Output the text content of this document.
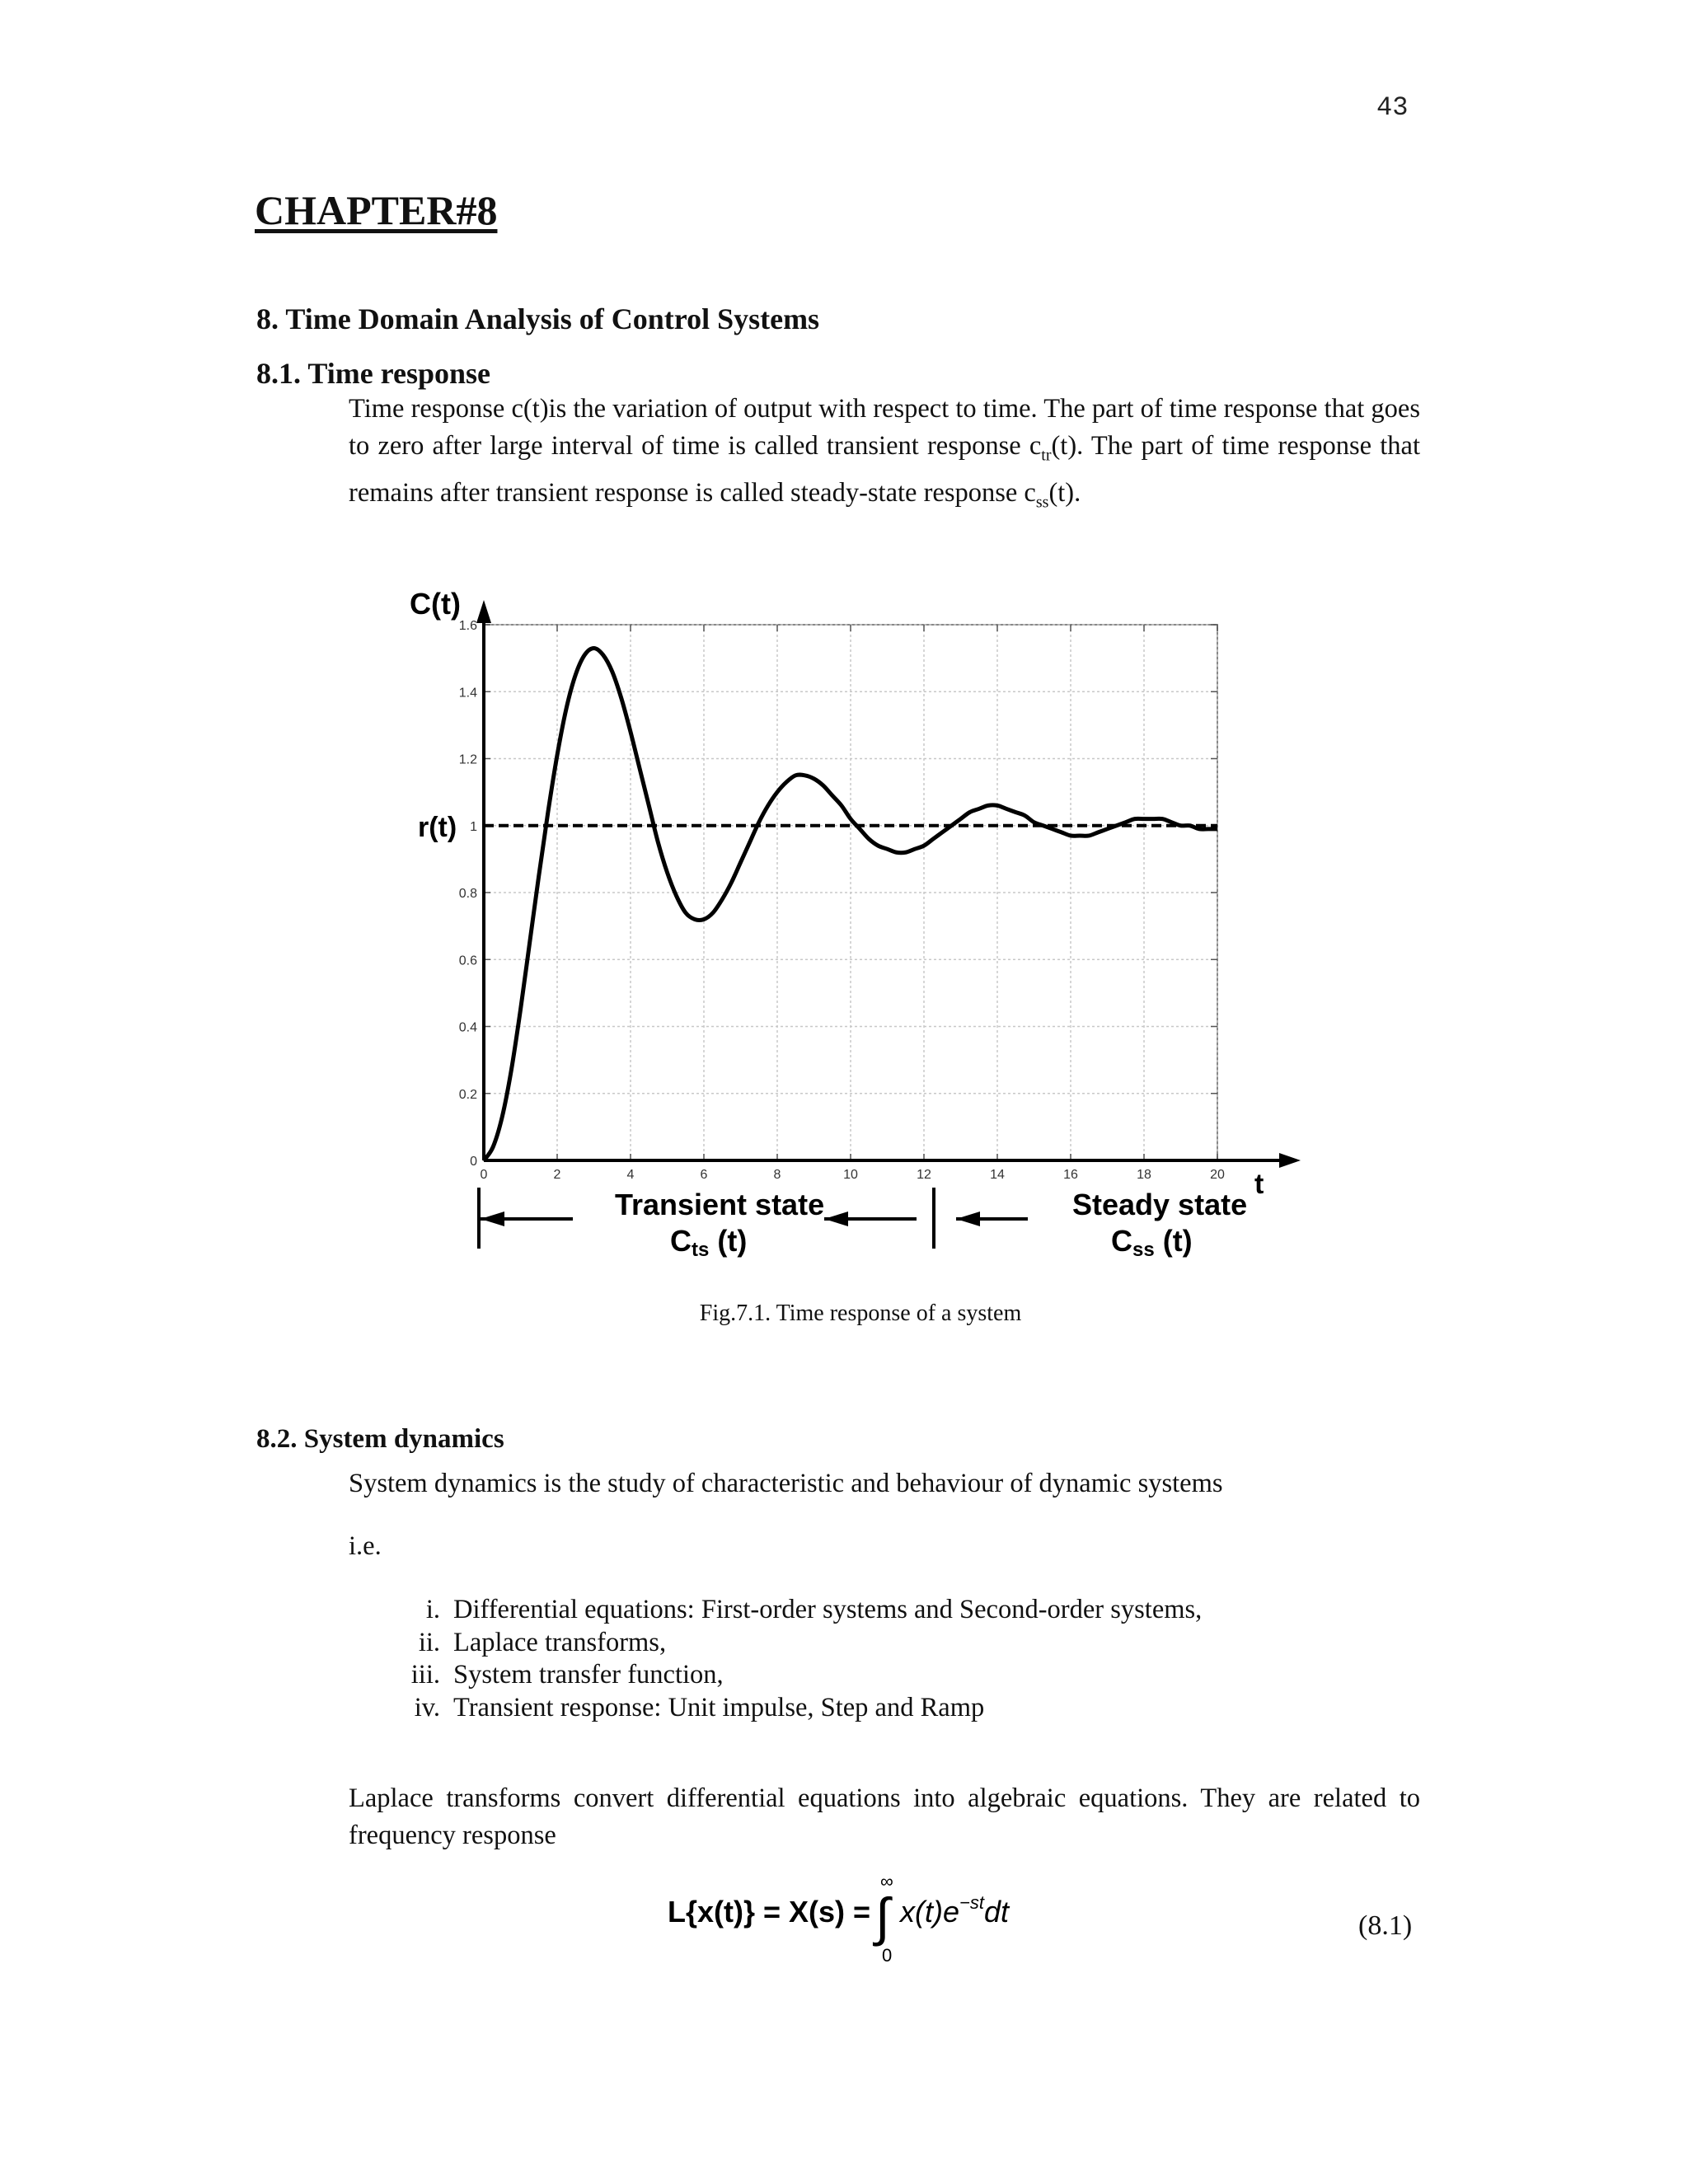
43
CHAPTER#8
8. Time Domain Analysis of Control Systems
8.1. Time response
Time response c(t)is the variation of output with respect to time. The part of time response that goes to zero after large interval of time is called transient response $c_{tr}(t)$. The part of time response that remains after transient response is called steady-state response $c_{ss}(t)$.
0	2	4	6	8	10	12	14	16	18	20
0
0.2
0.4
0.6
0.8
1
1.2
1.4
1.6
C(t)
r(t)
t
Transient state
Cts (t)
Steady state
Css (t)
Fig.7.1. Time response of a system
8.2. System dynamics
System dynamics is the study of characteristic and behaviour of dynamic systems
i.e.
i. Differential equations: First-order systems and Second-order systems,
ii. Laplace transforms,
iii. System transfer function,
iv. Transient response: Unit impulse, Step and Ramp
Laplace transforms convert differential equations into algebraic equations. They are related to frequency response
L{x(t)} = X(s) =
∞
0
∫ $x(t)e^{-st}dt$	(8.1)
